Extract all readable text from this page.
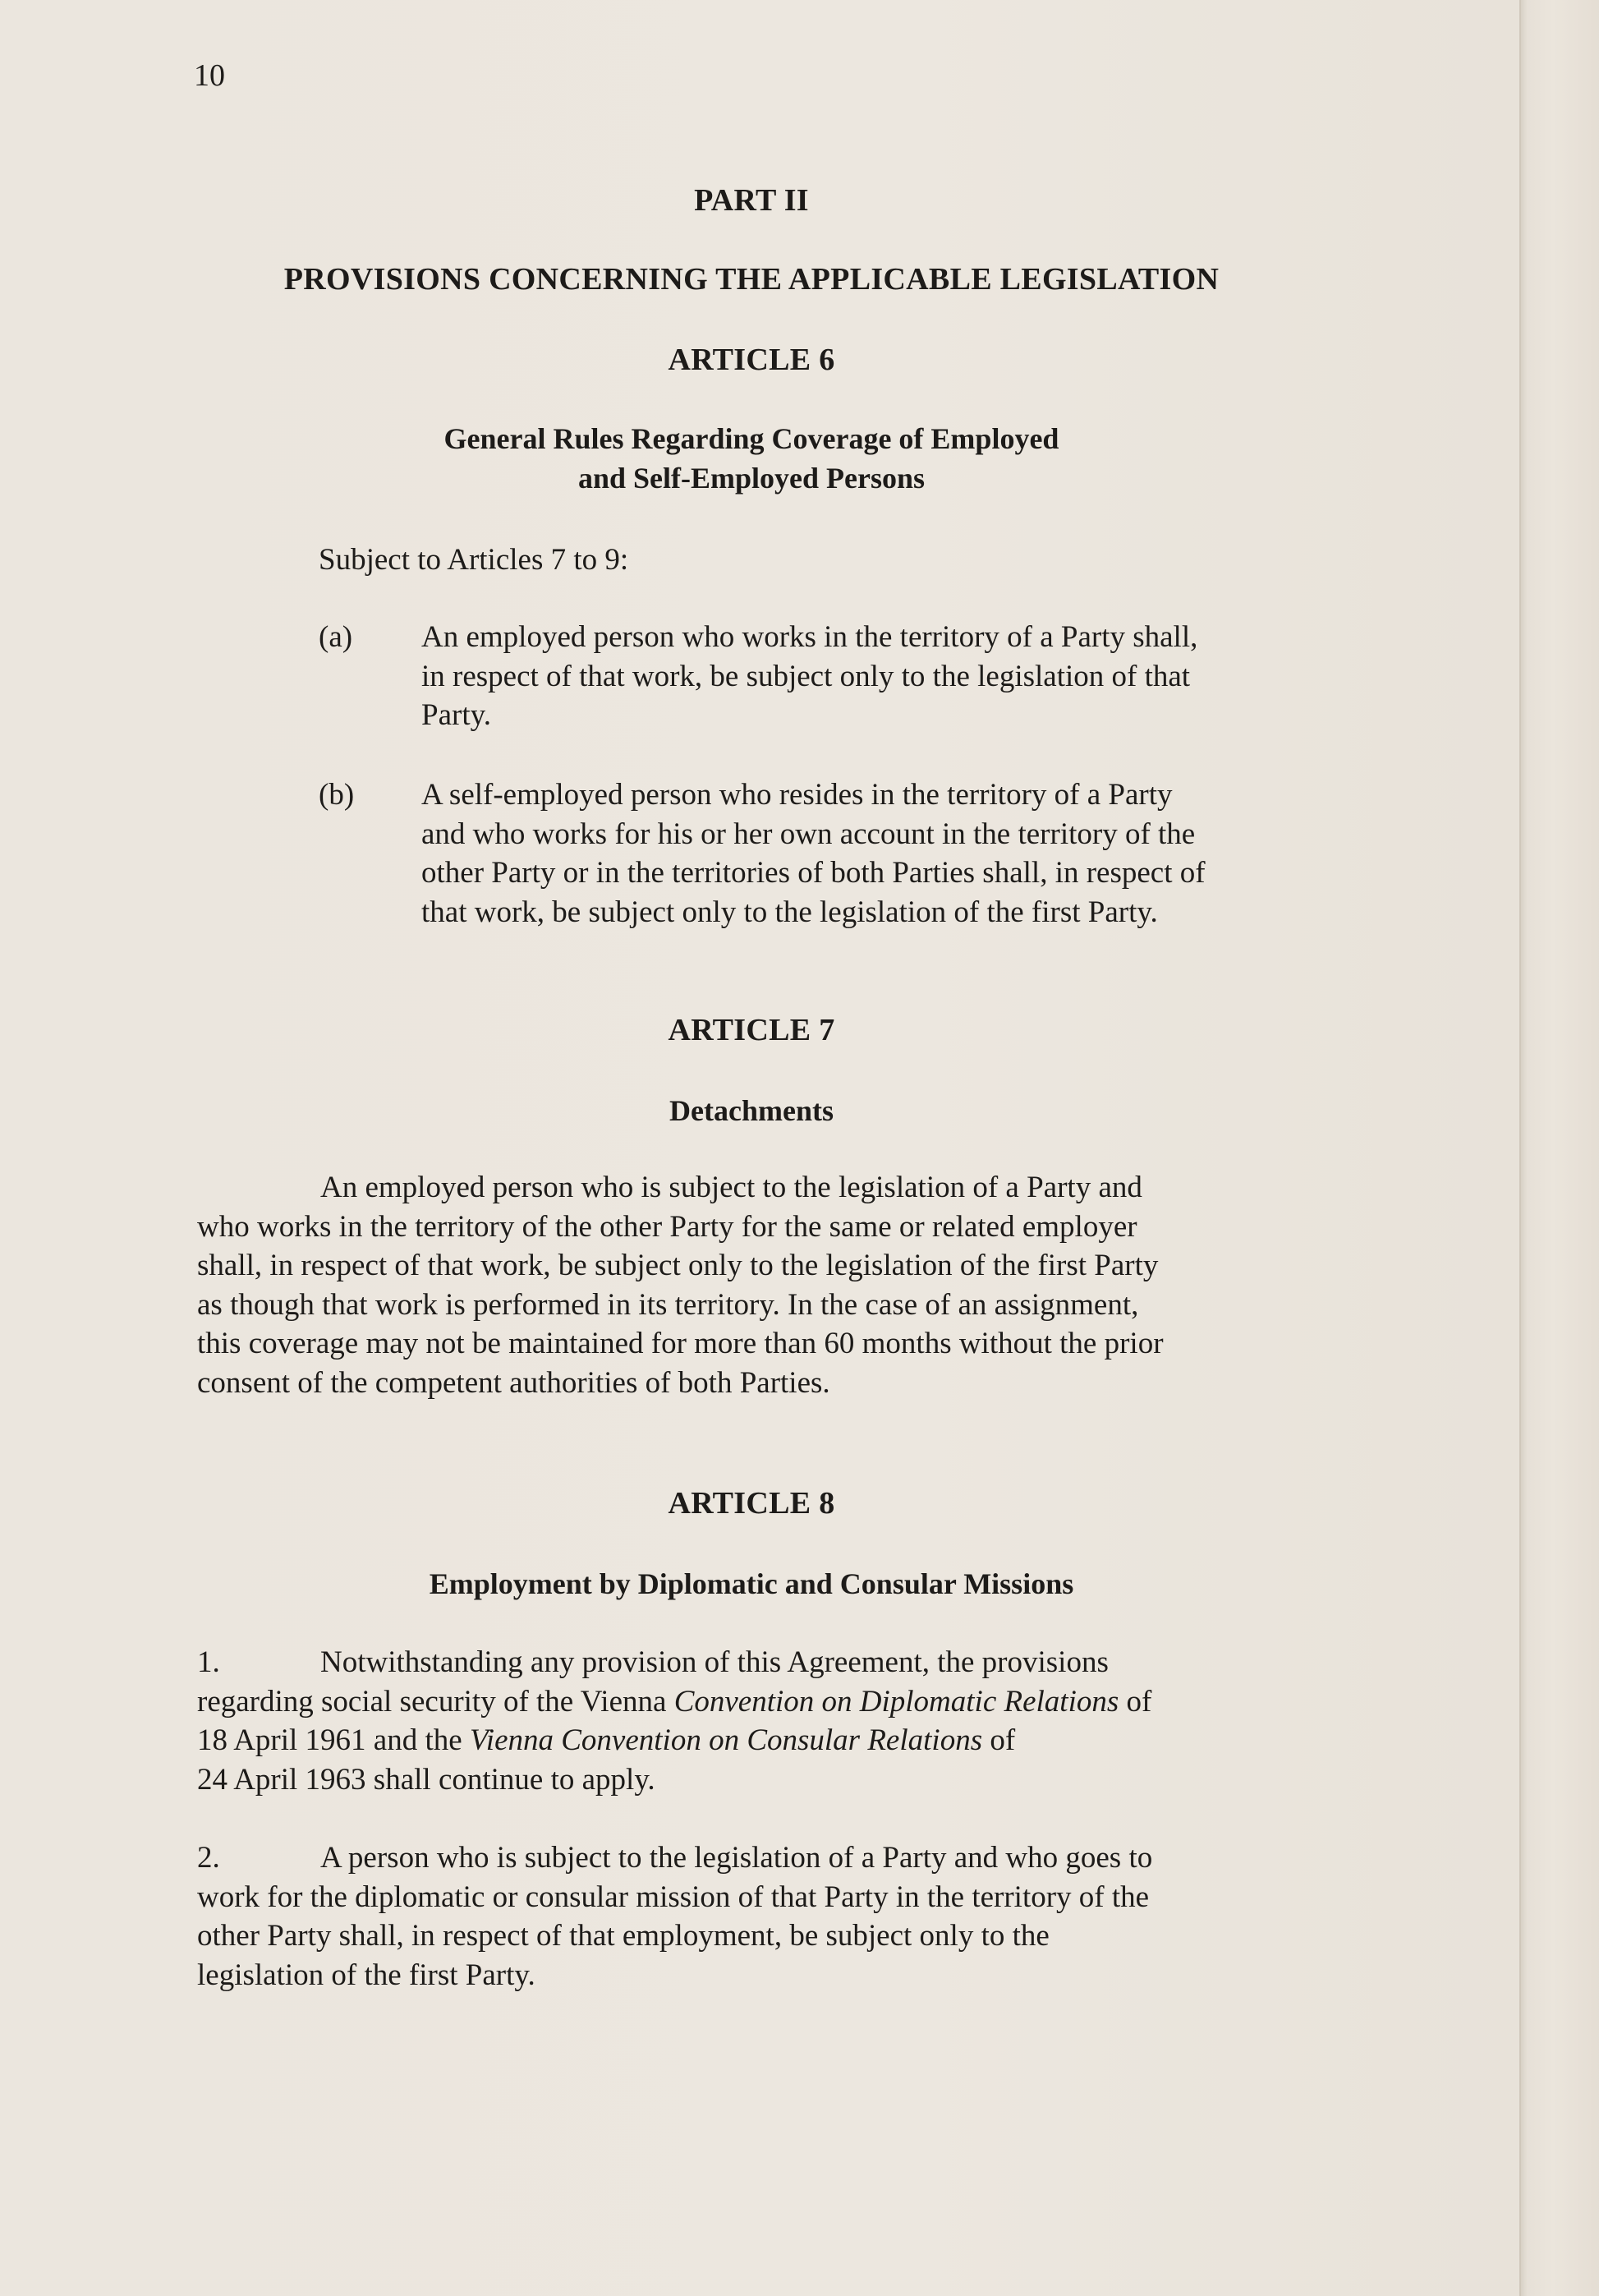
10
PART II
PROVISIONS CONCERNING THE APPLICABLE LEGISLATION
ARTICLE 6
General Rules Regarding Coverage of Employed
and Self-Employed Persons
Subject to Articles 7 to 9:
(a) An employed person who works in the territory of a Party shall,
in respect of that work, be subject only to the legislation of that
Party.
(b) A self-employed person who resides in the territory of a Party
and who works for his or her own account in the territory of the
other Party or in the territories of both Parties shall, in respect of
that work, be subject only to the legislation of the first Party.
ARTICLE 7
Detachments
An employed person who is subject to the legislation of a Party and
who works in the territory of the other Party for the same or related employer
shall, in respect of that work, be subject only to the legislation of the first Party
as though that work is performed in its territory. In the case of an assignment,
this coverage may not be maintained for more than 60 months without the prior
consent of the competent authorities of both Parties.
ARTICLE 8
Employment by Diplomatic and Consular Missions
1.	Notwithstanding any provision of this Agreement, the provisions
regarding social security of the Vienna Convention on Diplomatic Relations of
18 April 1961 and the Vienna Convention on Consular Relations of
24 April 1963 shall continue to apply.
2.	A person who is subject to the legislation of a Party and who goes to
work for the diplomatic or consular mission of that Party in the territory of the
other Party shall, in respect of that employment, be subject only to the
legislation of the first Party.
